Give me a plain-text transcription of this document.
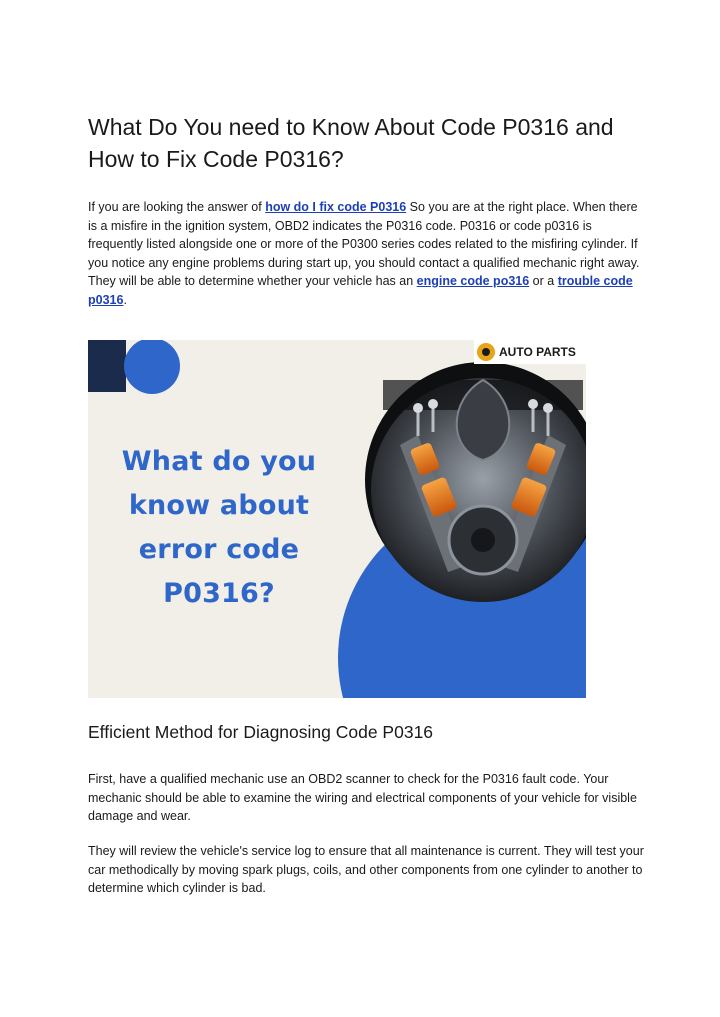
What Do You need to Know About Code P0316 and How to Fix Code P0316?

If you are looking the answer of how do I fix code P0316 So you are at the right place. When there is a misfire in the ignition system, OBD2 indicates the P0316 code. P0316 or code p0316 is frequently listed alongside one or more of the P0300 series codes related to the misfiring cylinder. If you notice any engine problems during start up, you should contact a qualified mechanic right away. They will be able to determine whether your vehicle has an engine code po316 or a trouble code p0316.

What do you
know about
error code
P0316?
AUTO PARTS
Efficient Method for Diagnosing Code P0316

First, have a qualified mechanic use an OBD2 scanner to check for the P0316 fault code. Your mechanic should be able to examine the wiring and electrical components of your vehicle for visible damage and wear.

They will review the vehicle's service log to ensure that all maintenance is current. They will test your car methodically by moving spark plugs, coils, and other components from one cylinder to another to determine which cylinder is bad.
